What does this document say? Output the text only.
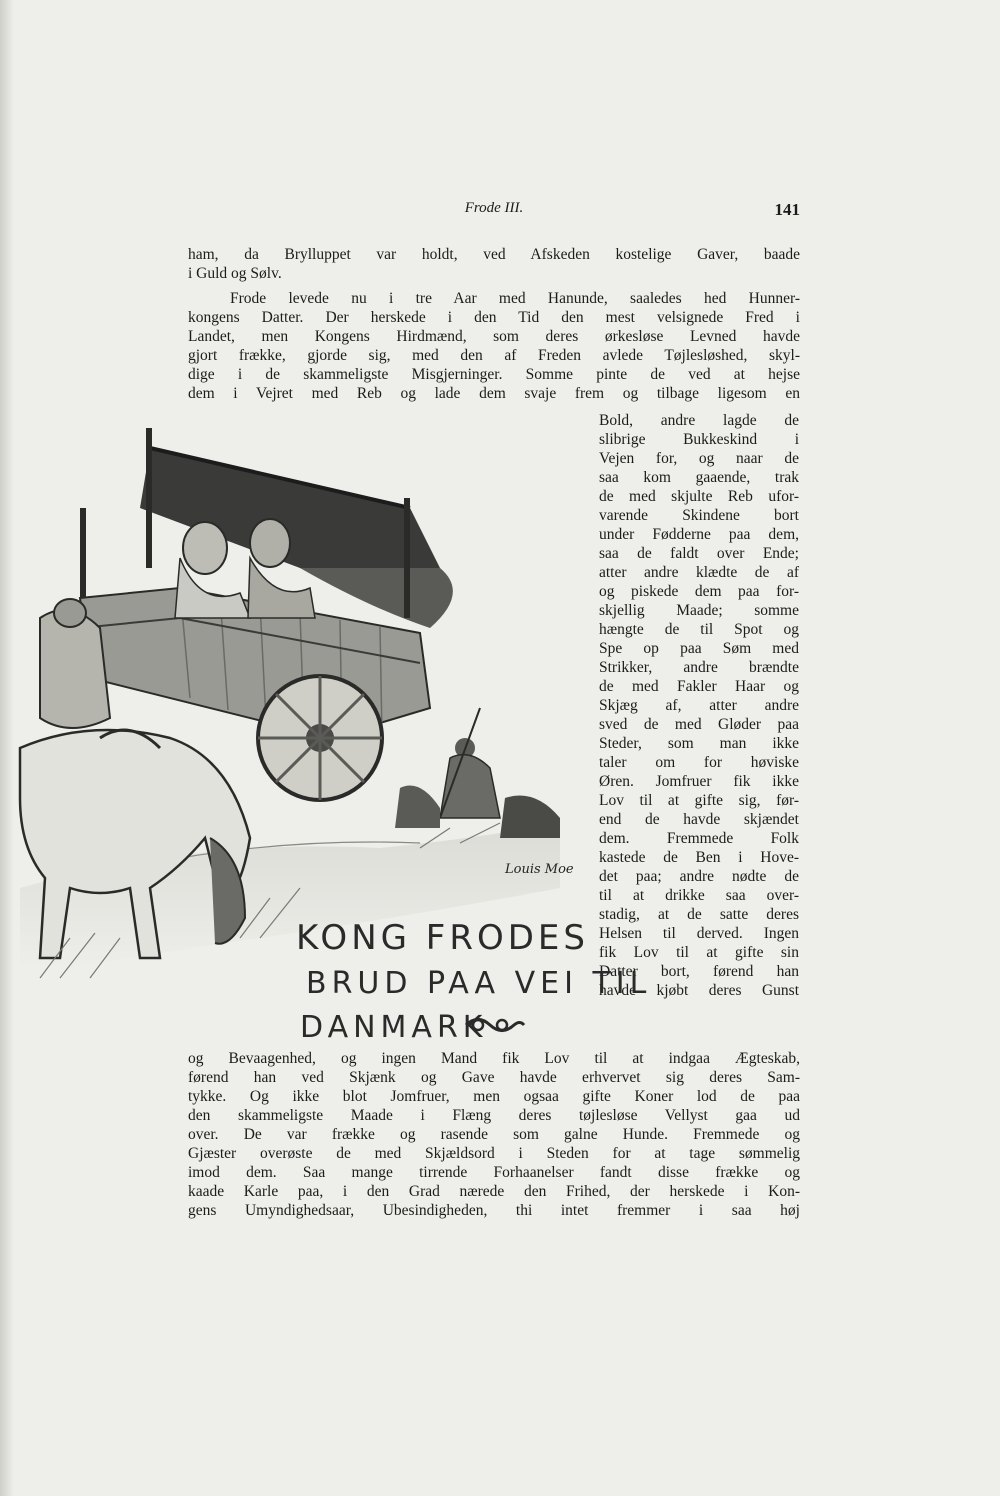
Frode III.	141
ham, da Brylluppet var holdt, ved Afskeden kostelige Gaver, baade
i Guld og Sølv.
Frode levede nu i tre Aar med Hanunde, saaledes hed Hunner-
kongens Datter. Der herskede i den Tid den mest velsignede Fred i
Landet, men Kongens Hirdmænd, som deres ørkesløse Levned havde
gjort frække, gjorde sig, med den af Freden avlede Tøjlesløshed, skyl-
dige i de skammeligste Misgjerninger. Somme pinte de ved at hejse
dem i Vejret med Reb og lade dem svaje frem og tilbage ligesom en
Bold, andre lagde de
slibrige Bukkeskind i
Vejen for, og naar de
saa kom gaaende, trak
de med skjulte Reb ufor-
varende Skindene bort
under Fødderne paa dem,
saa de faldt over Ende;
atter andre klædte de af
og piskede dem paa for-
skjellig Maade; somme
hængte de til Spot og
Spe op paa Søm med
Strikker, andre brændte
de med Fakler Haar og
Skjæg af, atter andre
sved de med Gløder paa
Steder, som man ikke
taler om for høviske
Øren. Jomfruer fik ikke
Lov til at gifte sig, før-
end de havde skjændet
dem. Fremmede Folk
kastede de Ben i Hove-
det paa; andre nødte de
til at drikke saa over-
stadig, at de satte deres
Helsen til derved. Ingen
fik Lov til at gifte sin
Datter bort, førend han
havde kjøbt deres Gunst
og Bevaagenhed, og ingen Mand fik Lov til at indgaa Ægteskab,
førend han ved Skjænk og Gave havde erhvervet sig deres Sam-
tykke. Og ikke blot Jomfruer, men ogsaa gifte Koner lod de paa
den skammeligste Maade i Flæng deres tøjlesløse Vellyst gaa ud
over. De var frække og rasende som galne Hunde. Fremmede og
Gjæster overøste de med Skjældsord i Steden for at tage sømmelig
imod dem. Saa mange tirrende Forhaanelser fandt disse frække og
kaade Karle paa, i den Grad nærede den Frihed, der herskede i Kon-
gens Umyndighedsaar, Ubesindigheden, thi intet fremmer i saa høj
Louis Moe
KONG FRODES
BRUD PAA VEI TIL
DANMARK
